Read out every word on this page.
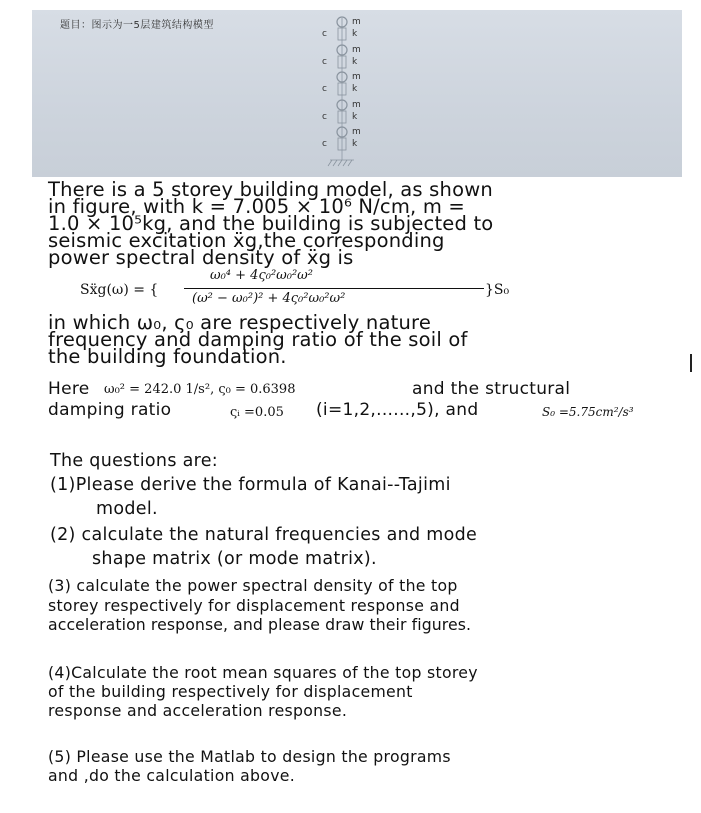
题目：图示为一5层建筑结构模型	m
k
c
m
k
c
m
k
c
m
k
c
m
k
c
There is a 5 storey building model, as shown
in figure, with k = 7.005 × 10⁶ N/cm, m =
1.0 × 10⁵kg, and the building is subjected to
seismic excitation ẍg,the corresponding
power spectral density of ẍg is
Sẍg(ω) = {
ω₀⁴ + 4ς₀²ω₀²ω²
(ω² − ω₀²)² + 4ς₀²ω₀²ω²
}S₀
in which ω₀, ς₀ are respectively nature
frequency and damping ratio of the soil of
the building foundation.
Here ω₀² = 242.0 1/s², ς₀ = 0.6398	and the structural
damping ratio	ςᵢ =0.05 (i=1,2,......,5), and	S₀ =5.75cm²/s³
The questions are:
(1)Please derive the formula of Kanai--Tajimi
model.
(2) calculate the natural frequencies and mode
shape matrix (or mode matrix).
(3) calculate the power spectral density of the top
storey respectively for displacement response and
acceleration response, and please draw their figures.
(4)Calculate the root mean squares of the top storey
of the building respectively for displacement
response and acceleration response.
(5) Please use the Matlab to design the programs
and ,do the calculation above.
